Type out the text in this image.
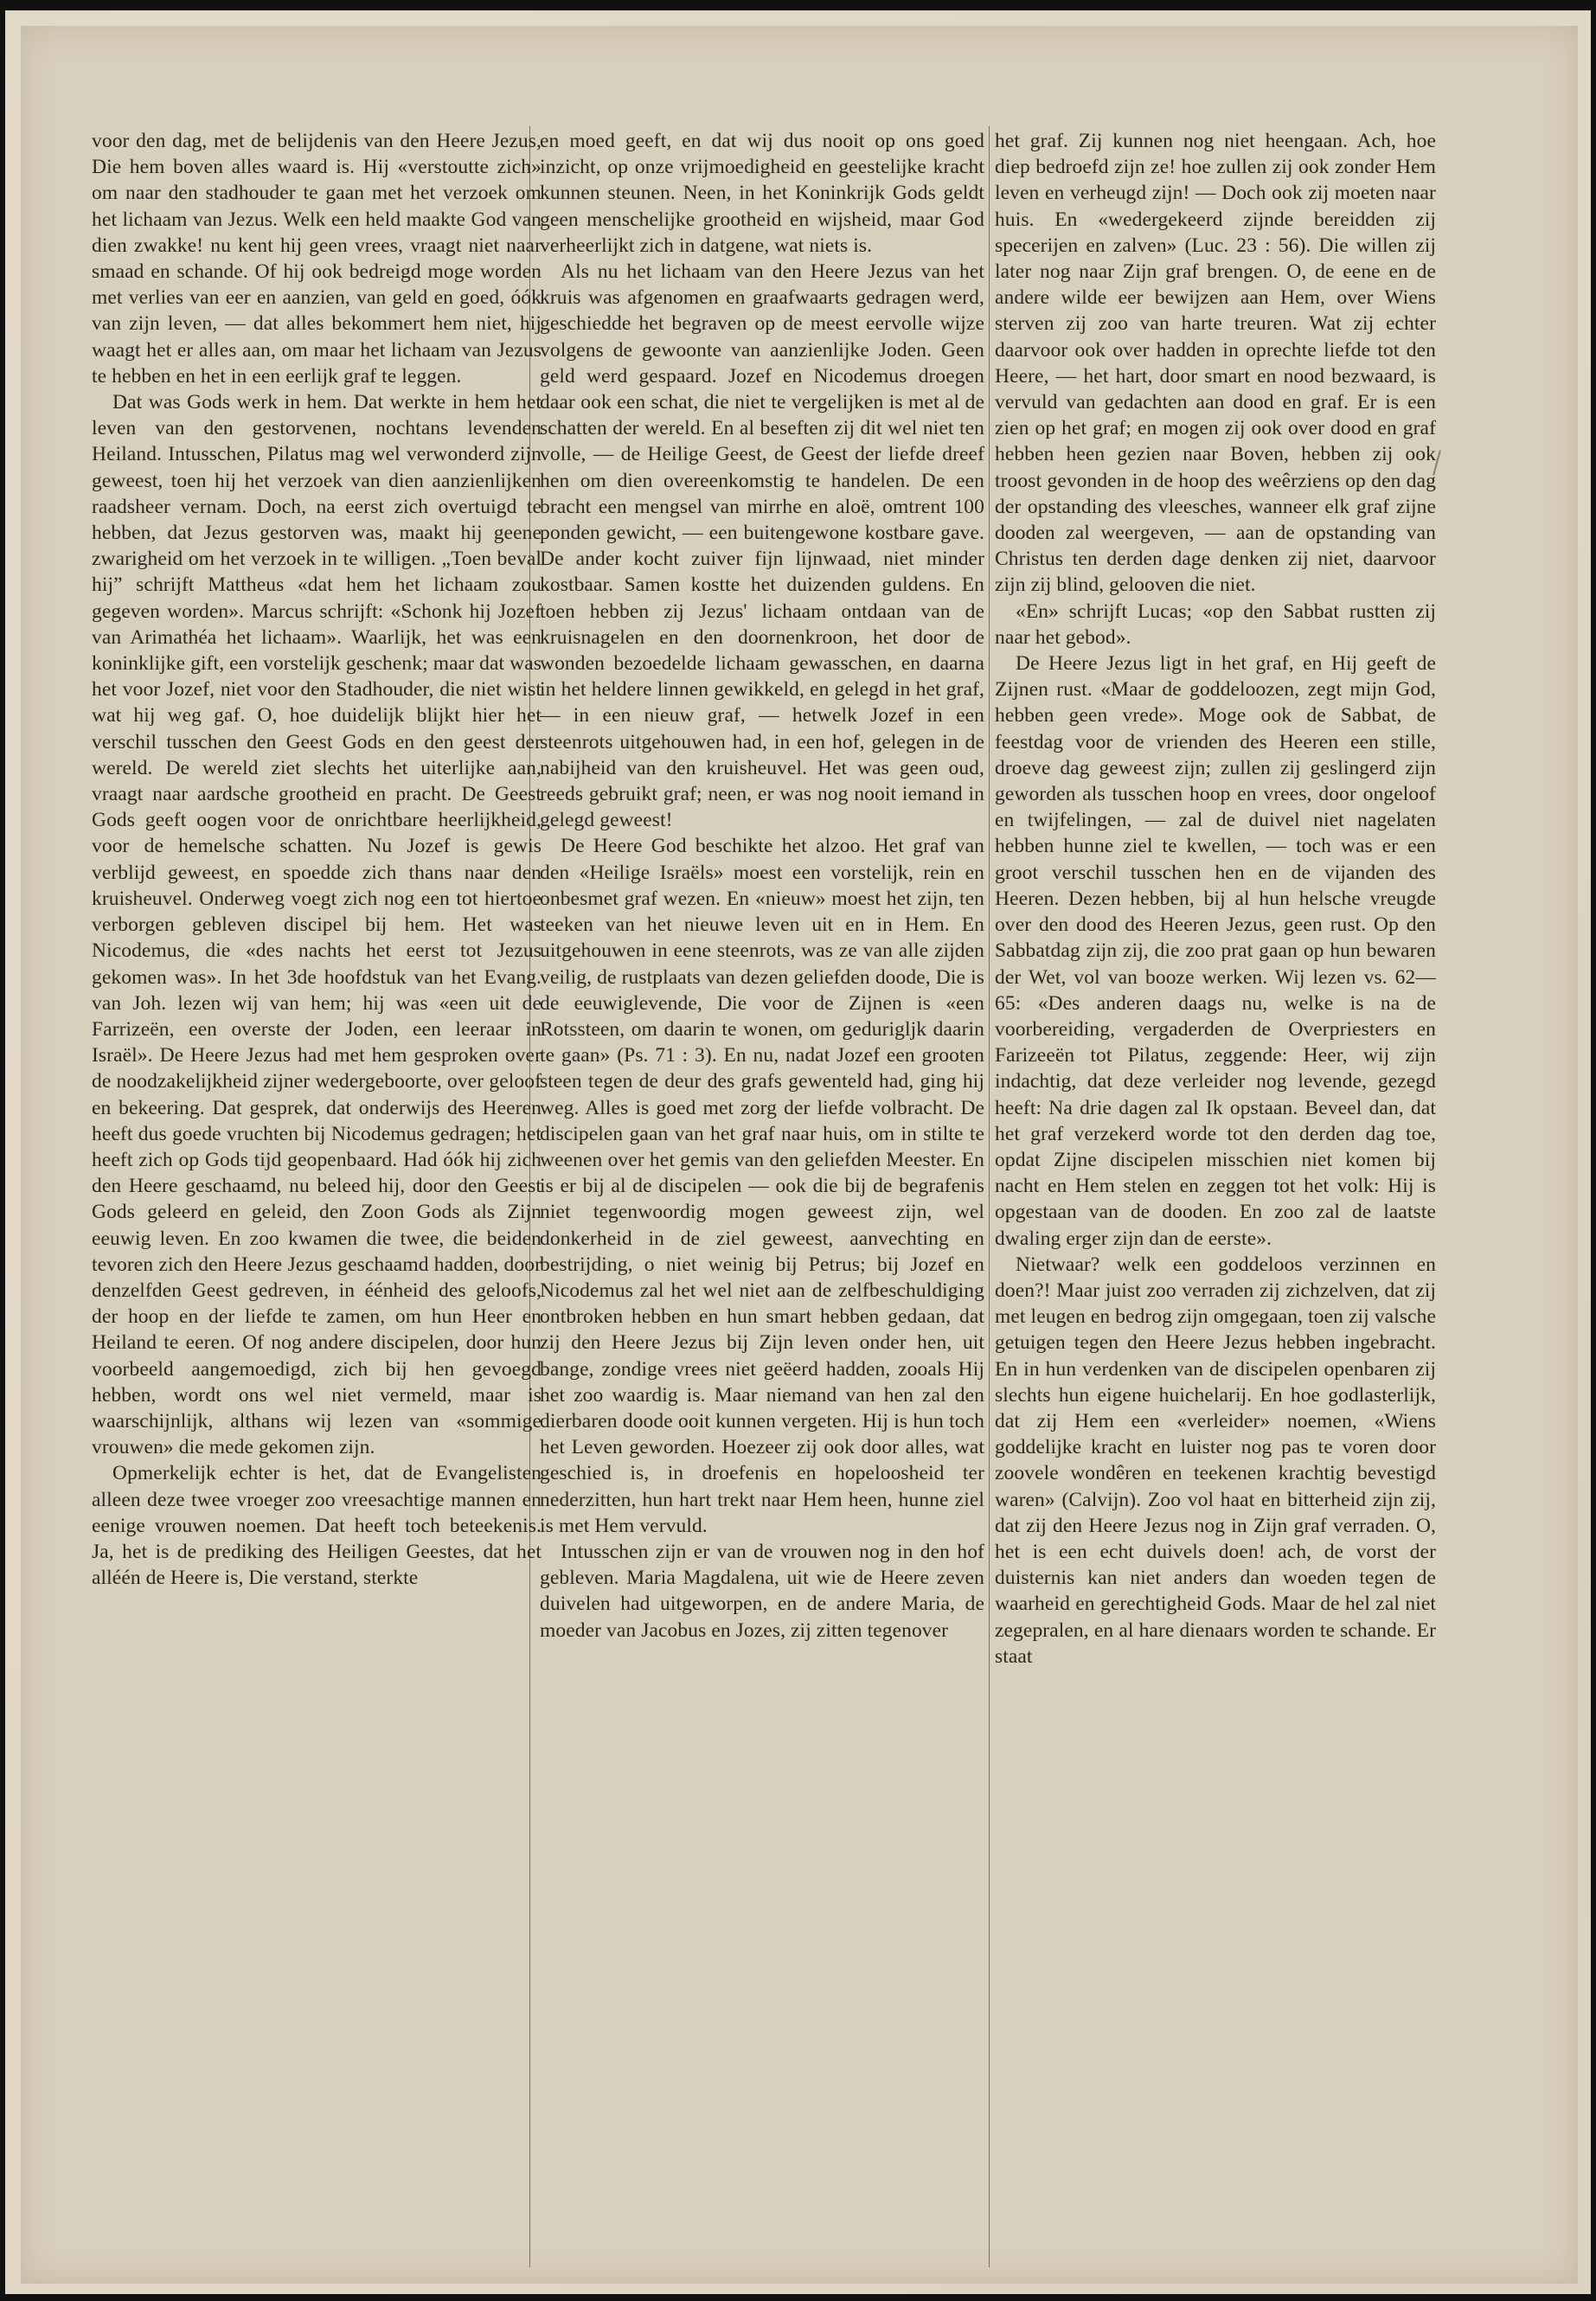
voor den dag, met de belijdenis van den Heere Jezus, Die hem boven alles waard is. Hij «verstoutte zich» om naar den stadhouder te gaan met het verzoek om het lichaam van Jezus. Welk een held maakte God van dien zwakke! nu kent hij geen vrees, vraagt niet naar smaad en schande. Of hij ook bedreigd moge worden met verlies van eer en aanzien, van geld en goed, óók van zijn leven, — dat alles bekommert hem niet, hij waagt het er alles aan, om maar het lichaam van Jezus te hebben en het in een eerlijk graf te leggen.

Dat was Gods werk in hem. Dat werkte in hem het leven van den gestorvenen, nochtans levenden Heiland. Intusschen, Pilatus mag wel verwonderd zijn geweest, toen hij het verzoek van dien aanzienlijken raadsheer vernam. Doch, na eerst zich overtuigd te hebben, dat Jezus gestorven was, maakt hij geene zwarigheid om het verzoek in te willigen. „Toen beval hij” schrijft Mattheus «dat hem het lichaam zou gegeven worden». Marcus schrijft: «Schonk hij Jozef van Arimathéa het lichaam». Waarlijk, het was een koninklijke gift, een vorstelijk geschenk; maar dat was het voor Jozef, niet voor den Stadhouder, die niet wist wat hij weg gaf. O, hoe duidelijk blijkt hier het verschil tusschen den Geest Gods en den geest der wereld. De wereld ziet slechts het uiterlijke aan, vraagt naar aardsche grootheid en pracht. De Geest Gods geeft oogen voor de onrichtbare heerlijkheid, voor de hemelsche schatten. Nu Jozef is gewis verblijd geweest, en spoedde zich thans naar den kruisheuvel. Onderweg voegt zich nog een tot hiertoe verborgen gebleven discipel bij hem. Het was Nicodemus, die «des nachts het eerst tot Jezus gekomen was». In het 3de hoofdstuk van het Evang. van Joh. lezen wij van hem; hij was «een uit de Farrizeën, een overste der Joden, een leeraar in Israël». De Heere Jezus had met hem gesproken over de noodzakelijkheid zijner wedergeboorte, over geloof en bekeering. Dat gesprek, dat onderwijs des Heeren heeft dus goede vruchten bij Nicodemus gedragen; het heeft zich op Gods tijd geopenbaard. Had óók hij zich den Heere geschaamd, nu beleed hij, door den Geest Gods geleerd en geleid, den Zoon Gods als Zijn eeuwig leven. En zoo kwamen die twee, die beiden tevoren zich den Heere Jezus geschaamd hadden, door denzelfden Geest gedreven, in éénheid des geloofs, der hoop en der liefde te zamen, om hun Heer en Heiland te eeren. Of nog andere discipelen, door hun voorbeeld aangemoedigd, zich bij hen gevoegd hebben, wordt ons wel niet vermeld, maar is waarschijnlijk, althans wij lezen van «sommige vrouwen» die mede gekomen zijn.

Opmerkelijk echter is het, dat de Evangelisten alleen deze twee vroeger zoo vreesachtige mannen en eenige vrouwen noemen. Dat heeft toch beteekenis. Ja, het is de prediking des Heiligen Geestes, dat het alléén de Heere is, Die verstand, sterkte

en moed geeft, en dat wij dus nooit op ons goed inzicht, op onze vrijmoedigheid en geestelijke kracht kunnen steunen. Neen, in het Koninkrijk Gods geldt geen menschelijke grootheid en wijsheid, maar God verheerlijkt zich in datgene, wat niets is.

Als nu het lichaam van den Heere Jezus van het kruis was afgenomen en graafwaarts gedragen werd, geschiedde het begraven op de meest eervolle wijze volgens de gewoonte van aanzienlijke Joden. Geen geld werd gespaard. Jozef en Nicodemus droegen daar ook een schat, die niet te vergelijken is met al de schatten der wereld. En al beseften zij dit wel niet ten volle, — de Heilige Geest, de Geest der liefde dreef hen om dien overeenkomstig te handelen. De een bracht een mengsel van mirrhe en aloë, omtrent 100 ponden gewicht, — een buitengewone kostbare gave. De ander kocht zuiver fijn lijnwaad, niet minder kostbaar. Samen kostte het duizenden guldens. En toen hebben zij Jezus' lichaam ontdaan van de kruisnagelen en den doornenkroon, het door de wonden bezoedelde lichaam gewasschen, en daarna in het heldere linnen gewikkeld, en gelegd in het graf, — in een nieuw graf, — hetwelk Jozef in een steenrots uitgehouwen had, in een hof, gelegen in de nabijheid van den kruisheuvel. Het was geen oud, reeds gebruikt graf; neen, er was nog nooit iemand in gelegd geweest!

De Heere God beschikte het alzoo. Het graf van den «Heilige Israëls» moest een vorstelijk, rein en onbesmet graf wezen. En «nieuw» moest het zijn, ten teeken van het nieuwe leven uit en in Hem. En uitgehouwen in eene steenrots, was ze van alle zijden veilig, de rustplaats van dezen geliefden doode, Die is de eeuwiglevende, Die voor de Zijnen is «een Rotssteen, om daarin te wonen, om gedurigljk daarin te gaan» (Ps. 71 : 3). En nu, nadat Jozef een grooten steen tegen de deur des grafs gewenteld had, ging hij weg. Alles is goed met zorg der liefde volbracht. De discipelen gaan van het graf naar huis, om in stilte te weenen over het gemis van den geliefden Meester. En is er bij al de discipelen — ook die bij de begrafenis niet tegenwoordig mogen geweest zijn, wel donkerheid in de ziel geweest, aanvechting en bestrijding, o niet weinig bij Petrus; bij Jozef en Nicodemus zal het wel niet aan de zelfbeschuldiging ontbroken hebben en hun smart hebben gedaan, dat zij den Heere Jezus bij Zijn leven onder hen, uit bange, zondige vrees niet geëerd hadden, zooals Hij het zoo waardig is. Maar niemand van hen zal den dierbaren doode ooit kunnen vergeten. Hij is hun toch het Leven geworden. Hoezeer zij ook door alles, wat geschied is, in droefenis en hopeloosheid ter nederzitten, hun hart trekt naar Hem heen, hunne ziel is met Hem vervuld.

Intusschen zijn er van de vrouwen nog in den hof gebleven. Maria Magdalena, uit wie de Heere zeven duivelen had uitgeworpen, en de andere Maria, de moeder van Jacobus en Jozes, zij zitten tegenover

het graf. Zij kunnen nog niet heengaan. Ach, hoe diep bedroefd zijn ze! hoe zullen zij ook zonder Hem leven en verheugd zijn! — Doch ook zij moeten naar huis. En «wedergekeerd zijnde bereidden zij specerijen en zalven» (Luc. 23 : 56). Die willen zij later nog naar Zijn graf brengen. O, de eene en de andere wilde eer bewijzen aan Hem, over Wiens sterven zij zoo van harte treuren. Wat zij echter daarvoor ook over hadden in oprechte liefde tot den Heere, — het hart, door smart en nood bezwaard, is vervuld van gedachten aan dood en graf. Er is een zien op het graf; en mogen zij ook over dood en graf hebben heen gezien naar Boven, hebben zij ook troost gevonden in de hoop des weêrziens op den dag der opstanding des vleesches, wanneer elk graf zijne dooden zal weergeven, — aan de opstanding van Christus ten derden dage denken zij niet, daarvoor zijn zij blind, gelooven die niet.

«En» schrijft Lucas; «op den Sabbat rustten zij naar het gebod».

De Heere Jezus ligt in het graf, en Hij geeft de Zijnen rust. «Maar de goddeloozen, zegt mijn God, hebben geen vrede». Moge ook de Sabbat, de feestdag voor de vrienden des Heeren een stille, droeve dag geweest zijn; zullen zij geslingerd zijn geworden als tusschen hoop en vrees, door ongeloof en twijfelingen, — zal de duivel niet nagelaten hebben hunne ziel te kwellen, — toch was er een groot verschil tusschen hen en de vijanden des Heeren. Dezen hebben, bij al hun helsche vreugde over den dood des Heeren Jezus, geen rust. Op den Sabbatdag zijn zij, die zoo prat gaan op hun bewaren der Wet, vol van booze werken. Wij lezen vs. 62—65: «Des anderen daags nu, welke is na de voorbereiding, vergaderden de Overpriesters en Farizeeën tot Pilatus, zeggende: Heer, wij zijn indachtig, dat deze verleider nog levende, gezegd heeft: Na drie dagen zal Ik opstaan. Beveel dan, dat het graf verzekerd worde tot den derden dag toe, opdat Zijne discipelen misschien niet komen bij nacht en Hem stelen en zeggen tot het volk: Hij is opgestaan van de dooden. En zoo zal de laatste dwaling erger zijn dan de eerste».

Nietwaar? welk een goddeloos verzinnen en doen?! Maar juist zoo verraden zij zichzelven, dat zij met leugen en bedrog zijn omgegaan, toen zij valsche getuigen tegen den Heere Jezus hebben ingebracht. En in hun verdenken van de discipelen openbaren zij slechts hun eigene huichelarij. En hoe godlasterlijk, dat zij Hem een «verleider» noemen, «Wiens goddelijke kracht en luister nog pas te voren door zoovele wondêren en teekenen krachtig bevestigd waren» (Calvijn). Zoo vol haat en bitterheid zijn zij, dat zij den Heere Jezus nog in Zijn graf verraden. O, het is een echt duivels doen! ach, de vorst der duisternis kan niet anders dan woeden tegen de waarheid en gerechtigheid Gods. Maar de hel zal niet zegepralen, en al hare dienaars worden te schande. Er staat
